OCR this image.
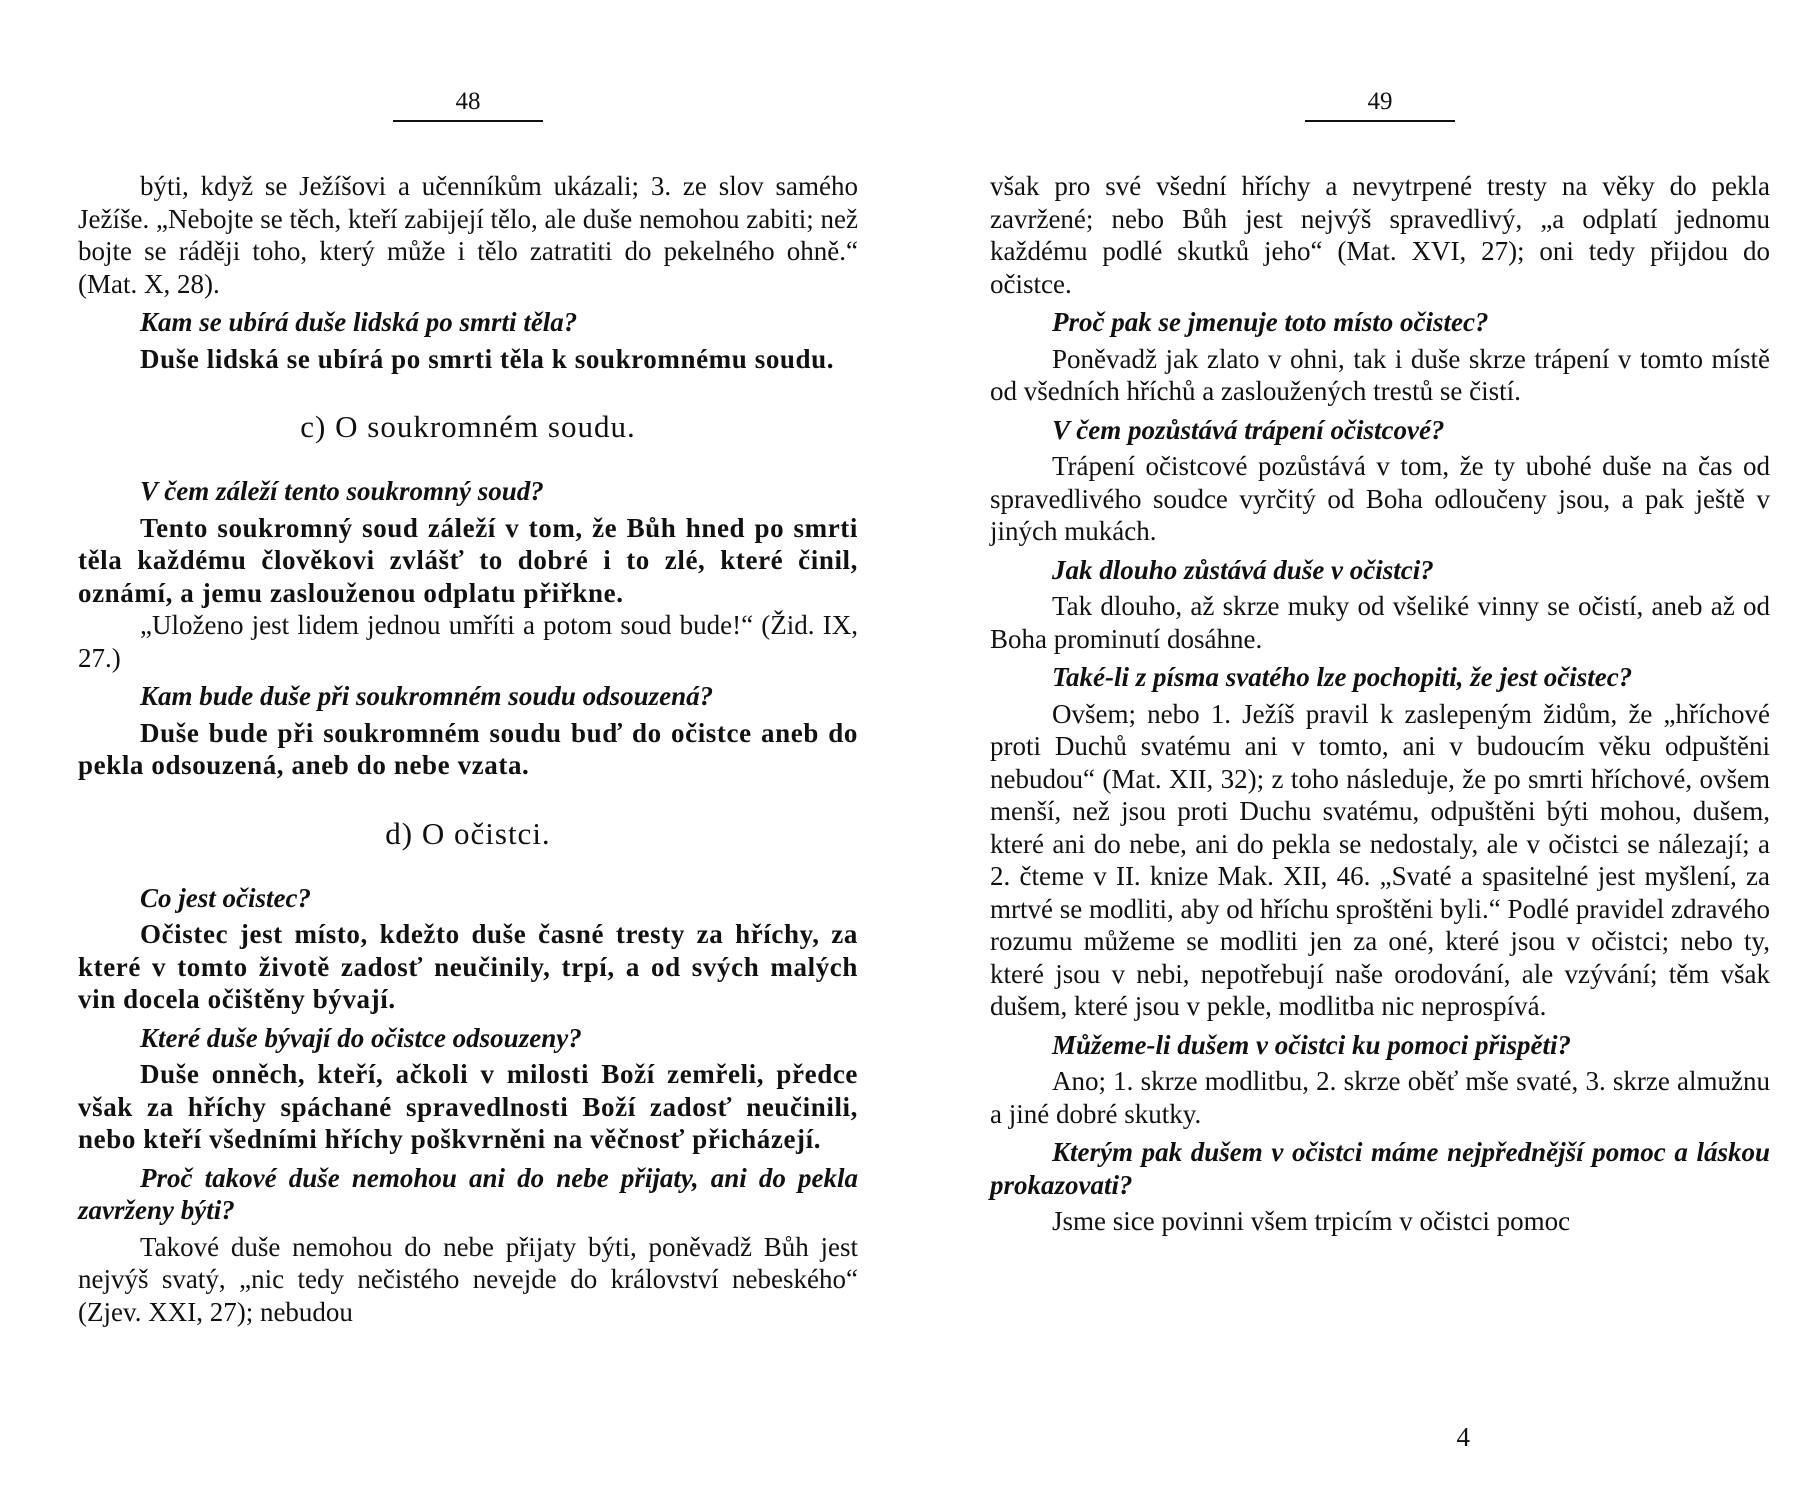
48

býti, když se Ježíšovi a učenníkům ukázali; 3. ze slov samého Ježíše. „Nebojte se těch, kteří zabijejí tělo, ale duše nemohou zabiti; než bojte se ráději toho, který může i tělo zatratiti do pekelného ohně.“ (Mat. X, 28).

Kam se ubírá duše lidská po smrti těla?

Duše lidská se ubírá po smrti těla k soukromnému soudu.

c) O soukromném soudu.

V čem záleží tento soukromný soud?

Tento soukromný soud záleží v tom, že Bůh hned po smrti těla každému člověkovi zvlášť to dobré i to zlé, které činil, oznámí, a jemu zaslouženou odplatu přiřkne.

„Uloženo jest lidem jednou umříti a potom soud bude!“ (Žid. IX, 27.)

Kam bude duše při soukromném soudu odsouzená?

Duše bude při soukromném soudu buď do očistce aneb do pekla odsouzená, aneb do nebe vzata.

d) O očistci.

Co jest očistec?

Očistec jest místo, kdežto duše časné tresty za hříchy, za které v tomto životě zadosť neučinily, trpí, a od svých malých vin docela očištěny bývají.

Které duše bývají do očistce odsouzeny?

Duše onněch, kteří, ačkoli v milosti Boží zemřeli, předce však za hříchy spáchané spravedlnosti Boží zadosť neučinili, nebo kteří všedními hříchy poškvrněni na věčnosť přicházejí.

Proč takové duše nemohou ani do nebe přijaty, ani do pekla zavrženy býti?

Takové duše nemohou do nebe přijaty býti, poněvadž Bůh jest nejvýš svatý, „nic tedy nečistého nevejde do království nebeského“ (Zjev. XXI, 27); nebudou

49

však pro své všední hříchy a nevytrpené tresty na věky do pekla zavržené; nebo Bůh jest nejvýš spravedlivý, „a odplatí jednomu každému podlé skutků jeho“ (Mat. XVI, 27); oni tedy přijdou do očistce.

Proč pak se jmenuje toto místo očistec?

Poněvadž jak zlato v ohni, tak i duše skrze trápení v tomto místě od všedních hříchů a zasloužených trestů se čistí.

V čem pozůstává trápení očistcové?

Trápení očistcové pozůstává v tom, že ty ubohé duše na čas od spravedlivého soudce vyrčitý od Boha odloučeny jsou, a pak ještě v jiných mukách.

Jak dlouho zůstává duše v očistci?

Tak dlouho, až skrze muky od všeliké vinny se očistí, aneb až od Boha prominutí dosáhne.

Také-li z písma svatého lze pochopiti, že jest očistec?

Ovšem; nebo 1. Ježíš pravil k zaslepeným židům, že „hříchové proti Duchů svatému ani v tomto, ani v budoucím věku odpuštěni nebudou“ (Mat. XII, 32); z toho následuje, že po smrti hříchové, ovšem menší, než jsou proti Duchu svatému, odpuštěni býti mohou, dušem, které ani do nebe, ani do pekla se nedostaly, ale v očistci se nálezají; a 2. čteme v II. knize Mak. XII, 46. „Svaté a spasitelné jest myšlení, za mrtvé se modliti, aby od hříchu sproštěni byli.“ Podlé pravidel zdravého rozumu můžeme se modliti jen za oné, které jsou v očistci; nebo ty, které jsou v nebi, nepotřebují naše orodování, ale vzývání; těm však dušem, které jsou v pekle, modlitba nic neprospívá.

Můžeme-li dušem v očistci ku pomoci přispěti?

Ano; 1. skrze modlitbu, 2. skrze oběť mše svaté, 3. skrze almužnu a jiné dobré skutky.

Kterým pak dušem v očistci máme nejpřednější pomoc a láskou prokazovati?

Jsme sice povinni všem trpicím v očistci pomoc

4
